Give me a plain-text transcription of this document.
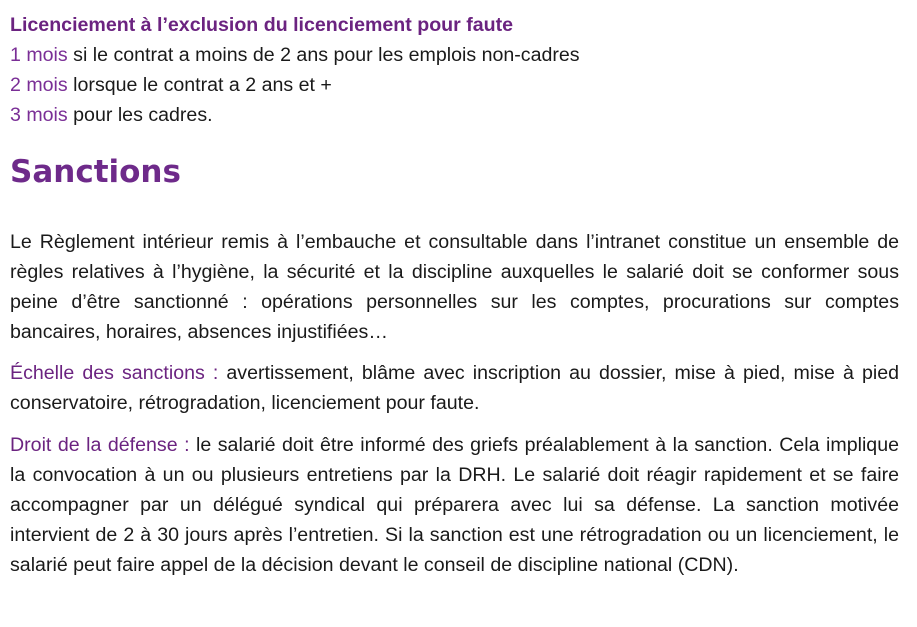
Licenciement à l’exclusion du licenciement pour faute
1 mois si le contrat a moins de 2 ans pour les emplois non-cadres
2 mois lorsque le contrat a 2 ans et +
3 mois pour les cadres.
Sanctions
Le Règlement intérieur remis à l’embauche et consultable dans l’intranet constitue un ensemble de règles relatives à l’hygiène, la sécurité et la discipline auxquelles le salarié doit se conformer sous peine d’être sanctionné : opérations personnelles sur les comptes, procurations sur comptes bancaires, horaires, absences injustifiées…
Échelle des sanctions : avertissement, blâme avec inscription au dossier, mise à pied, mise à pied conservatoire, rétrogradation, licenciement pour faute.
Droit de la défense : le salarié doit être informé des griefs préalablement à la sanction. Cela implique la convocation à un ou plusieurs entretiens par la DRH. Le salarié doit réagir rapidement et se faire accompagner par un délégué syndical qui préparera avec lui sa défense. La sanction motivée intervient de 2 à 30 jours après l’entretien. Si la sanction est une rétrogradation ou un licenciement, le salarié peut faire appel de la décision devant le conseil de discipline national (CDN).
